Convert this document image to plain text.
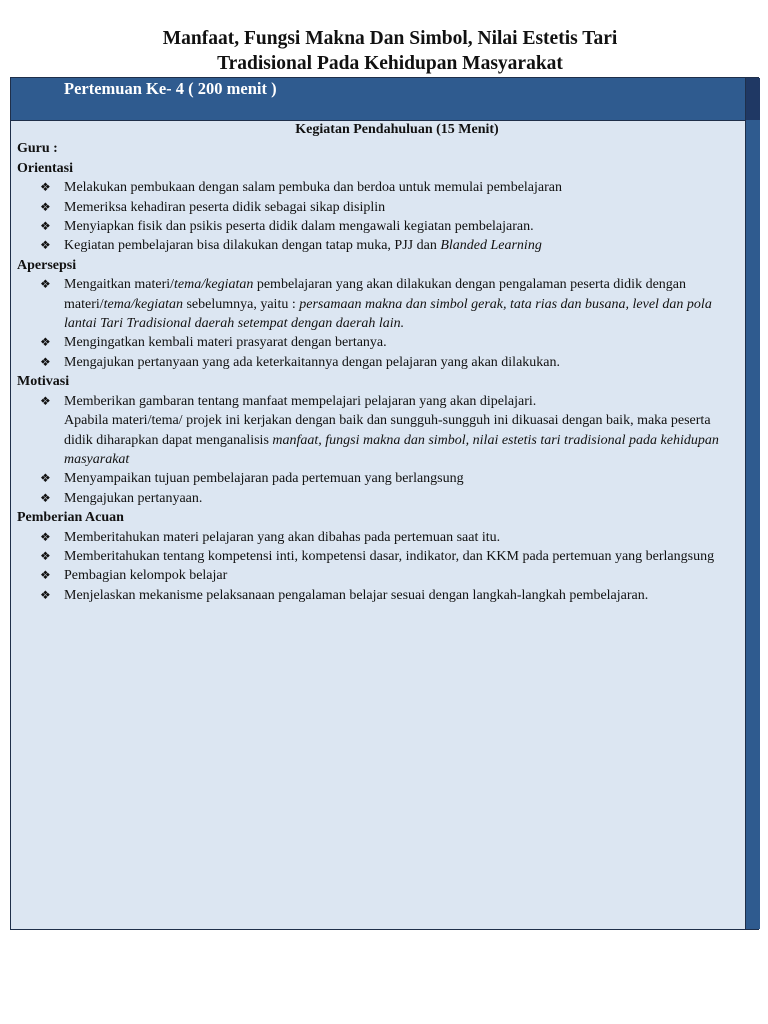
Manfaat, Fungsi Makna Dan Simbol, Nilai Estetis Tari
Tradisional Pada Kehidupan Masyarakat
Pertemuan Ke- 4 ( 200 menit )
Kegiatan Pendahuluan (15 Menit)
Guru :
Orientasi
❖ Melakukan pembukaan dengan salam pembuka dan berdoa untuk memulai pembelajaran
❖ Memeriksa kehadiran peserta didik sebagai sikap disiplin
❖ Menyiapkan fisik dan psikis peserta didik dalam mengawali kegiatan pembelajaran.
❖ Kegiatan pembelajaran bisa dilakukan dengan tatap muka, PJJ dan Blanded Learning
Apersepsi
❖ Mengaitkan materi/tema/kegiatan pembelajaran yang akan dilakukan dengan pengalaman peserta didik dengan materi/tema/kegiatan sebelumnya, yaitu : persamaan makna dan simbol gerak, tata rias dan busana, level dan pola lantai Tari Tradisional daerah setempat dengan daerah lain.
❖ Mengingatkan kembali materi prasyarat dengan bertanya.
❖ Mengajukan pertanyaan yang ada keterkaitannya dengan pelajaran yang akan dilakukan.
Motivasi
❖ Memberikan gambaran tentang manfaat mempelajari pelajaran yang akan dipelajari.
Apabila materi/tema/ projek ini kerjakan dengan baik dan sungguh-sungguh ini dikuasai dengan baik, maka peserta didik diharapkan dapat menganalisis manfaat, fungsi makna dan simbol, nilai estetis tari tradisional pada kehidupan masyarakat
❖ Menyampaikan tujuan pembelajaran pada pertemuan yang berlangsung
❖ Mengajukan pertanyaan.
Pemberian Acuan
❖ Memberitahukan materi pelajaran yang akan dibahas pada pertemuan saat itu.
❖ Memberitahukan tentang kompetensi inti, kompetensi dasar, indikator, dan KKM pada pertemuan yang berlangsung
❖ Pembagian kelompok belajar
❖ Menjelaskan mekanisme pelaksanaan pengalaman belajar sesuai dengan langkah-langkah pembelajaran.
